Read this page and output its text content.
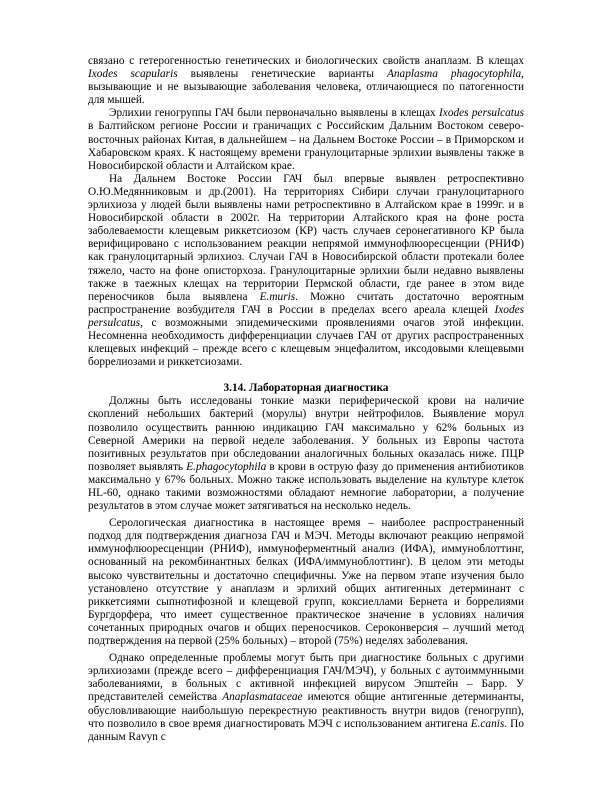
связано с гетерогенностью генетических и биологических свойств анаплазм. В клещах Ixodes scapularis выявлены генетические варианты Anaplasma phagocytophila, вызывающие и не вызывающие заболевания человека, отличающиеся по патогенности для мышей.

Эрлихии геногруппы ГАЧ были первоначально выявлены в клещах Ixodes persulcatus в Балтийском регионе России и граничащих с Российским Дальним Востоком северо-восточных районах Китая, в дальнейшем – на Дальнем Востоке России – в Приморском и Хабаровском краях. К настоящему времени гранулоцитарные эрлихии выявлены также в Новосибирской области и Алтайском крае.

На Дальнем Востоке России ГАЧ был впервые выявлен ретроспективно О.Ю.Медянниковым и др.(2001). На территориях Сибири случаи гранулоцитарного эрлихиоза у людей были выявлены нами ретроспективно в Алтайском крае в 1999г. и в Новосибирской области в 2002г. На территории Алтайского края на фоне роста заболеваемости клещевым риккетсиозом (КР) часть случаев серонегативного КР была верифицировано с использованием реакции непрямой иммунофлюоресценции (РНИФ) как гранулоцитарный эрлихиоз. Случаи ГАЧ в Новосибирской области протекали более тяжело, часто на фоне описторхоза. Гранулоцитарные эрлихии были недавно выявлены также в таежных клещах на территории Пермской области, где ранее в этом виде переносчиков была выявлена E.muris. Можно считать достаточно вероятным распространение возбудителя ГАЧ в России в пределах всего ареала клещей Ixodes persulcatus, с возможными эпидемическими проявлениями очагов этой инфекции. Несомненна необходимость дифференциации случаев ГАЧ от других распространенных клещевых инфекций – прежде всего с клещевым энцефалитом, иксодовыми клещевыми боррелиозами и риккетсиозами.

3.14. Лабораторная диагностика

Должны быть исследованы тонкие мазки периферической крови на наличие скоплений небольших бактерий (морулы) внутри нейтрофилов. Выявление морул позволило осуществить раннюю индикацию ГАЧ максимально у 62% больных из Северной Америки на первой неделе заболевания. У больных из Европы частота позитивных результатов при обследовании аналогичных больных оказалась ниже. ПЦР позволяет выявлять E.phagocytophila в крови в острую фазу до применения антибиотиков максимально у 67% больных. Можно также использовать выделение на культуре клеток HL-60, однако такими возможностями обладают немногие лаборатории, а получение результатов в этом случае может затягиваться на несколько недель.

Серологическая диагностика в настоящее время – наиболее распространенный подход для подтверждения диагноза ГАЧ и МЭЧ. Методы включают реакцию непрямой иммунофлюоресценции (РНИФ), иммуноферментный анализ (ИФА), иммуноблоттинг, основанный на рекомбинантных белках (ИФА/иммуноблоттинг). В целом эти методы высоко чувствительны и достаточно специфичны. Уже на первом этапе изучения было установлено отсутствие у анаплазм и эрлихий общих антигенных детерминант с риккетсиями сыпнотифозной и клещевой групп, коксиеллами Бернета и боррелиями Бургдорфера, что имеет существенное практическое значение в условиях наличия сочетанных природных очагов и общих переносчиков. Сероконверсия – лучший метод подтверждения на первой (25% больных) – второй (75%) неделях заболевания.

Однако определенные проблемы могут быть при диагностике больных с другими эрлихиозами (прежде всего – дифференциация ГАЧ/МЭЧ), у больных с аутоиммунными заболеваниями, в больных с активной инфекцией вирусом Эпштейн – Барр. У представителей семейства Anaplasmataceae имеются общие антигенные детерминанты, обусловливающие наибольшую перекрестную реактивность внутри видов (геногрупп), что позволило в свое время диагностировать МЭЧ с использованием антигена E.canis. По данным Ravyn с
